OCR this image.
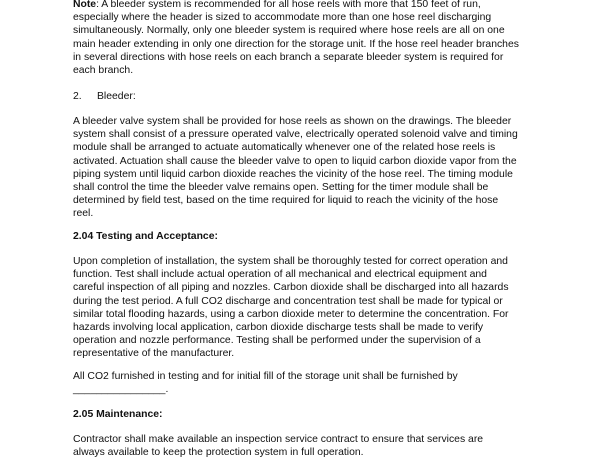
Note: A bleeder system is recommended for all hose reels with more that 150 feet of run,
especially where the header is sized to accommodate more than one hose reel discharging
simultaneously. Normally, only one bleeder system is required where hose reels are all on one
main header extending in only one direction for the storage unit. If the hose reel header branches
in several directions with hose reels on each branch a separate bleeder system is required for
each branch.
2. Bleeder:
A bleeder valve system shall be provided for hose reels as shown on the drawings. The bleeder
system shall consist of a pressure operated valve, electrically operated solenoid valve and timing
module shall be arranged to actuate automatically whenever one of the related hose reels is
activated. Actuation shall cause the bleeder valve to open to liquid carbon dioxide vapor from the
piping system until liquid carbon dioxide reaches the vicinity of the hose reel. The timing module
shall control the time the bleeder valve remains open. Setting for the timer module shall be
determined by field test, based on the time required for liquid to reach the vicinity of the hose
reel.
2.04 Testing and Acceptance:
Upon completion of installation, the system shall be thoroughly tested for correct operation and
function. Test shall include actual operation of all mechanical and electrical equipment and
careful inspection of all piping and nozzles. Carbon dioxide shall be discharged into all hazards
during the test period. A full CO2 discharge and concentration test shall be made for typical or
similar total flooding hazards, using a carbon dioxide meter to determine the concentration. For
hazards involving local application, carbon dioxide discharge tests shall be made to verify
operation and nozzle performance. Testing shall be performed under the supervision of a
representative of the manufacturer.
All CO2 furnished in testing and for initial fill of the storage unit shall be furnished by
________________.
2.05 Maintenance:
Contractor shall make available an inspection service contract to ensure that services are
always available to keep the protection system in full operation.
